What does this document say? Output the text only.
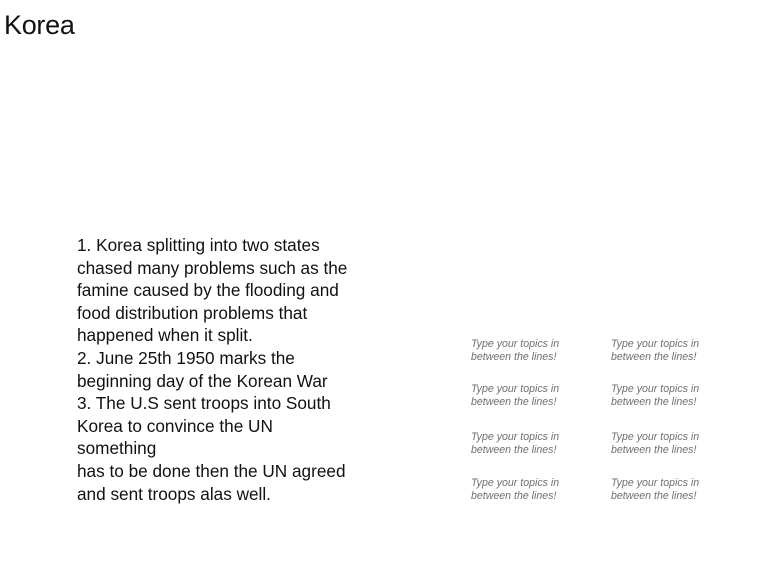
Korea
1. Korea splitting into two states
chased many problems such as the
famine caused by the flooding and
food distribution problems that
happened when it split.
2. June 25th 1950 marks the
beginning day of the Korean War
3. The U.S sent troops into South
Korea to convince the UN
something
has to be done then the UN agreed
and sent troops alas well.
Type your topics in
between the lines!
Type your topics in
between the lines!
Type your topics in
between the lines!
Type your topics in
between the lines!
Type your topics in
between the lines!
Type your topics in
between the lines!
Type your topics in
between the lines!
Type your topics in
between the lines!
